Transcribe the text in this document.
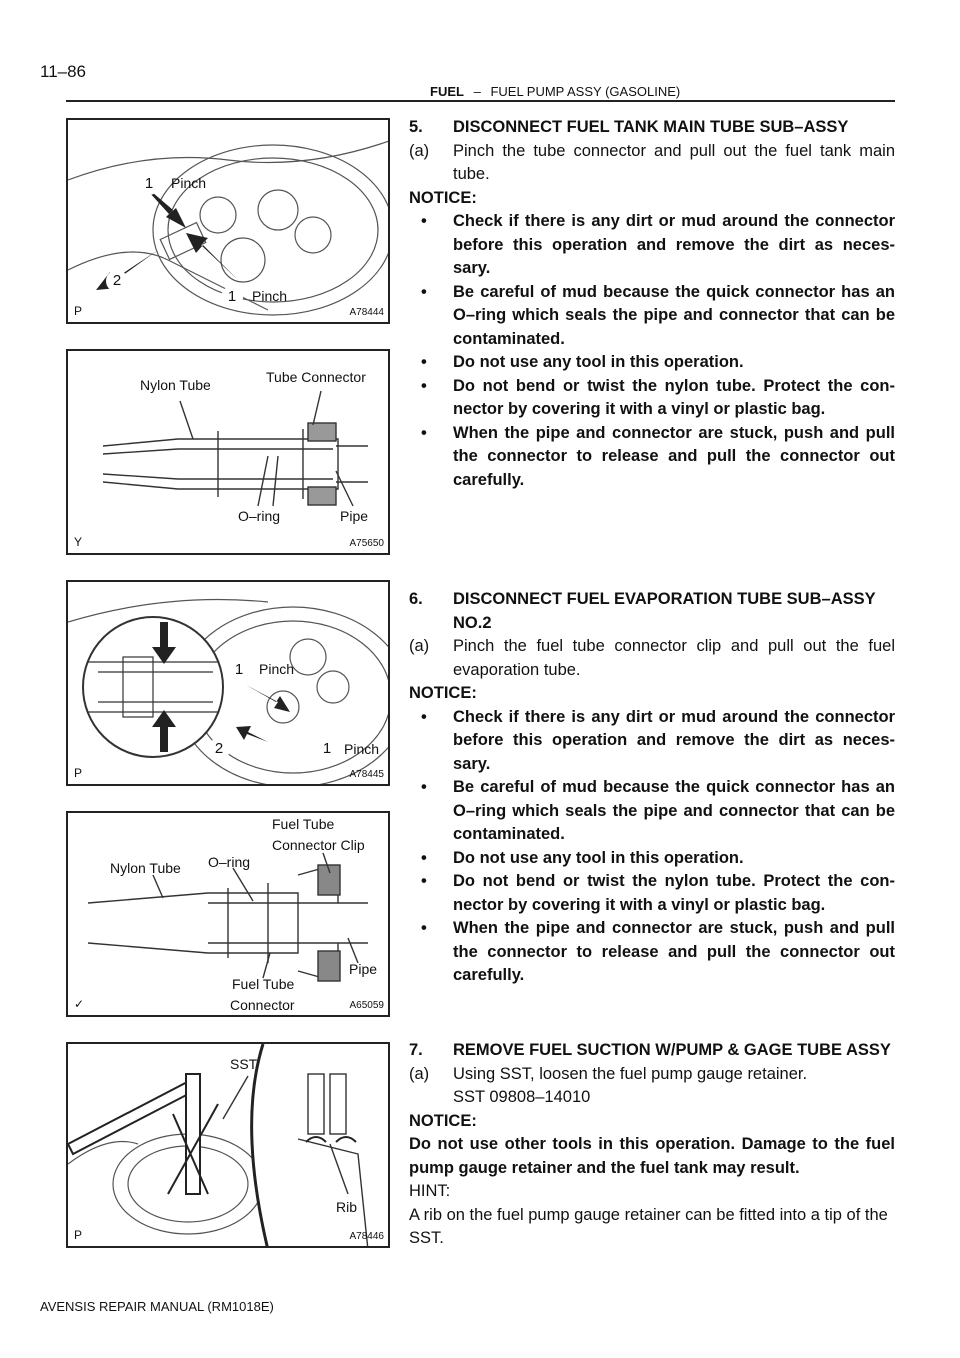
11–86
FUEL – FUEL PUMP ASSY (GASOLINE)
1	Pinch
2
1	Pinch
P	A78444
Nylon Tube	Tube Connector
O–ring	Pipe
Y	A75650
1	Pinch
2	1 Pinch
P	A78445
Fuel Tube
Connector Clip
Nylon Tube O–ring
Pipe
Fuel Tube
Connector
✓	A65059
SST
Rib
P	A78446
5.	DISCONNECT FUEL TANK MAIN TUBE SUB–ASSY
(a)	Pinch the tube connector and pull out the fuel tank main tube.
NOTICE:
•	Check if there is any dirt or mud around the connector before this operation and remove the dirt as neces- sary.
•	Be careful of mud because the quick connector has an O–ring which seals the pipe and connector that can be contaminated.
•	Do not use any tool in this operation.
•	Do not bend or twist the nylon tube. Protect the con- nector by covering it with a vinyl or plastic bag.
•	When the pipe and connector are stuck, push and pull the connector to release and pull the connector out carefully.
6.	DISCONNECT FUEL EVAPORATION TUBE SUB–ASSY NO.2
(a)	Pinch the fuel tube connector clip and pull out the fuel evaporation tube.
NOTICE:
•	Check if there is any dirt or mud around the connector before this operation and remove the dirt as neces- sary.
•	Be careful of mud because the quick connector has an O–ring which seals the pipe and connector that can be contaminated.
•	Do not use any tool in this operation.
•	Do not bend or twist the nylon tube. Protect the con- nector by covering it with a vinyl or plastic bag.
•	When the pipe and connector are stuck, push and pull the connector to release and pull the connector out carefully.
7.	REMOVE FUEL SUCTION W/PUMP & GAGE TUBE ASSY
(a)	Using SST, loosen the fuel pump gauge retainer.
SST 09808–14010
NOTICE:
Do not use other tools in this operation. Damage to the fuel pump gauge retainer and the fuel tank may result.
HINT:
A rib on the fuel pump gauge retainer can be fitted into a tip of the SST.
AVENSIS REPAIR MANUAL (RM1018E)
